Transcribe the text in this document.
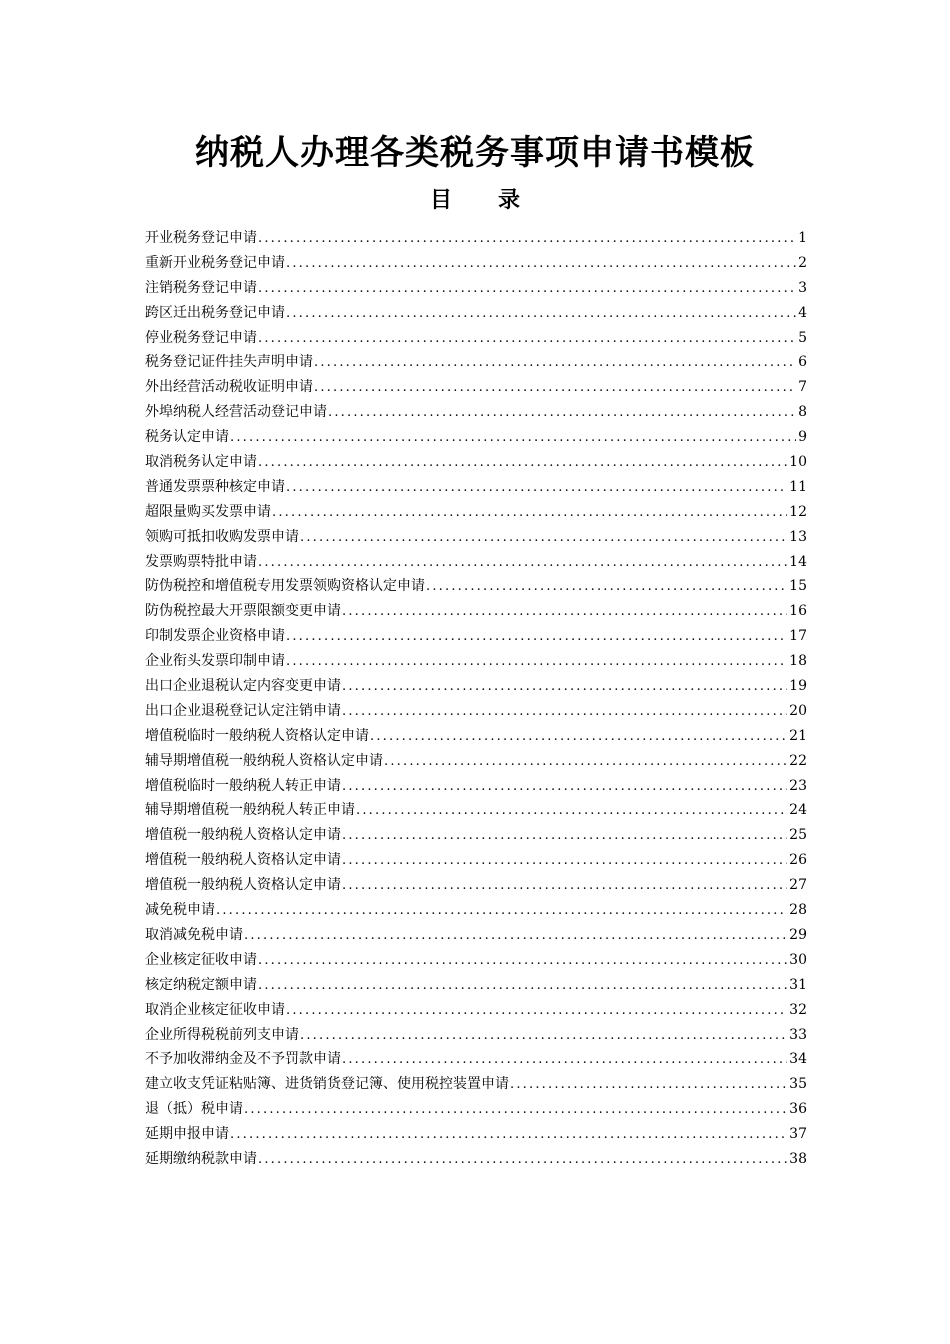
纳税人办理各类税务事项申请书模板
目 录
开业税务登记申请 .....	1
重新开业税务登记申请 .....	2
注销税务登记申请 .....	3
跨区迁出税务登记申请 .....	4
停业税务登记申请 .....	5
税务登记证件挂失声明申请 .....	6
外出经营活动税收证明申请 .....	7
外埠纳税人经营活动登记申请 .....	8
税务认定申请 .....	9
取消税务认定申请 .....	10
普通发票票种核定申请 .....	11
超限量购买发票申请 .....	12
领购可抵扣收购发票申请 .....	13
发票购票特批申请 .....	14
防伪税控和增值税专用发票领购资格认定申请 .....	15
防伪税控最大开票限额变更申请 .....	16
印制发票企业资格申请 .....	17
企业衔头发票印制申请 .....	18
出口企业退税认定内容变更申请 .....	19
出口企业退税登记认定注销申请 .....	20
增值税临时一般纳税人资格认定申请 .....	21
辅导期增值税一般纳税人资格认定申请 .....	22
增值税临时一般纳税人转正申请 .....	23
辅导期增值税一般纳税人转正申请 .....	24
增值税一般纳税人资格认定申请 .....	25
增值税一般纳税人资格认定申请 .....	26
增值税一般纳税人资格认定申请 .....	27
减免税申请 .....	28
取消减免税申请 .....	29
企业核定征收申请 .....	30
核定纳税定额申请 .....	31
取消企业核定征收申请 .....	32
企业所得税税前列支申请 .....	33
不予加收滞纳金及不予罚款申请 .....	34
建立收支凭证粘贴簿、进货销货登记簿、使用税控装置申请 .....	35
退（抵）税申请 .....	36
延期申报申请 .....	37
延期缴纳税款申请 .....	38
